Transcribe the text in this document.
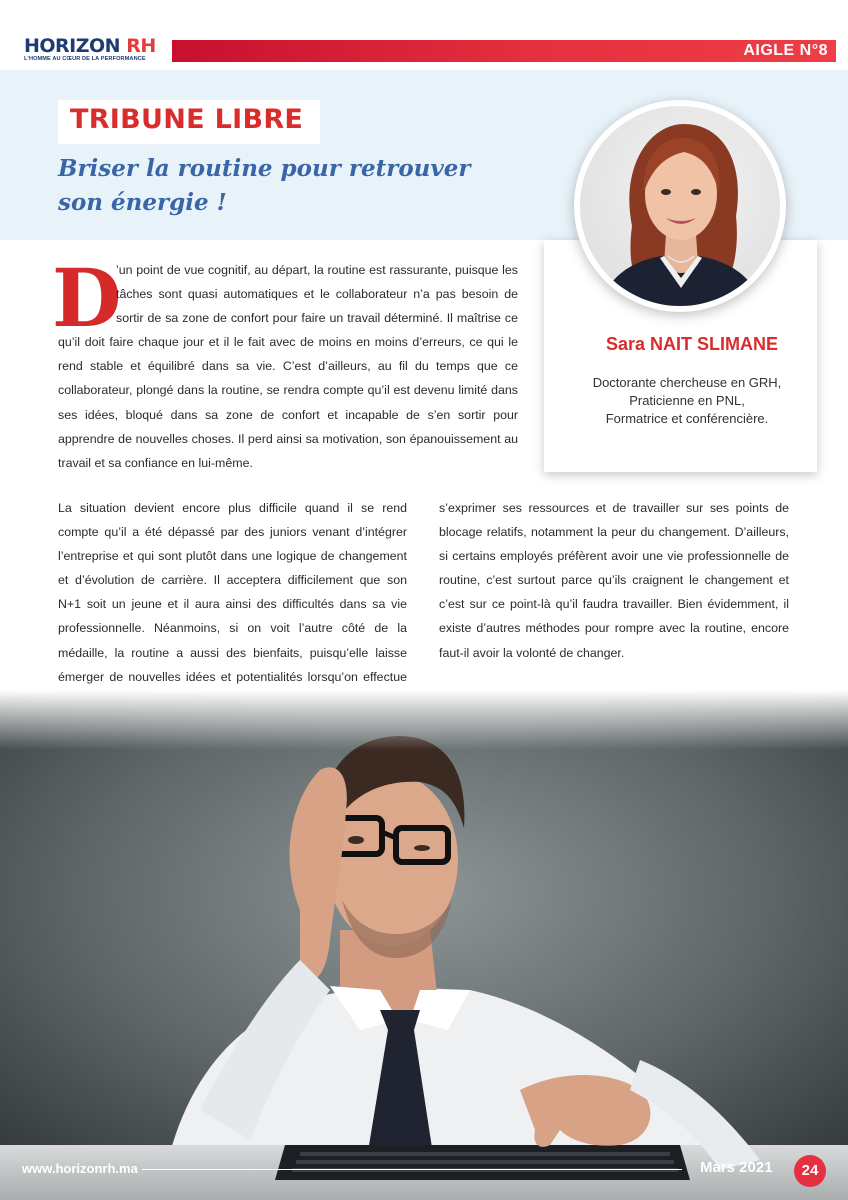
HORIZON RH
L'HOMME AU CŒUR DE LA PERFORMANCE	AIGLE N°8
TRIBUNE LIBRE
Briser la routine pour retrouver son énergie !
Sara NAIT SLIMANE
Doctorante chercheuse en GRH,
Praticienne en PNL,
Formatrice et conférencière.
D
’un point de vue cognitif, au départ, la routine est rassurante, puisque les tâches sont quasi automatiques et le collaborateur n’a pas besoin de sortir de sa zone de confort pour faire un travail déterminé. Il maîtrise ce qu’il doit faire chaque jour et il le fait avec de moins en moins d’erreurs, ce qui le rend stable et équilibré dans sa vie. C’est d’ailleurs, au fil du temps que ce collaborateur, plongé dans la routine, se rendra compte qu’il est devenu limité dans ses idées, bloqué dans sa zone de confort et incapable de s’en sortir pour apprendre de nouvelles choses. Il perd ainsi sa motivation, son épanouissement au travail et sa confiance en lui-même.
La situation devient encore plus difficile quand il se rend compte qu’il a été dépassé par des juniors venant d’intégrer l’entreprise et qui sont plutôt dans une logique de changement et d’évolution de carrière. Il acceptera difficilement que son N+1 soit un jeune et il aura ainsi des difficultés dans sa vie professionnelle. Néanmoins, si on voit l’autre côté de la médaille, la routine a aussi des bienfaits, puisqu’elle laisse émerger de nouvelles idées et potentialités lorsqu’on effectue
s’exprimer ses ressources et de travailler sur ses points de blocage relatifs, notamment la peur du changement. D’ailleurs, si certains employés préfèrent avoir une vie professionnelle de routine, c’est surtout parce qu’ils craignent le changement et c’est sur ce point-là qu’il faudra travailler. Bien évidemment, il existe d’autres méthodes pour rompre avec la routine, encore faut-il avoir la volonté de changer.
www.horizonrh.ma	Mars 2021	24
